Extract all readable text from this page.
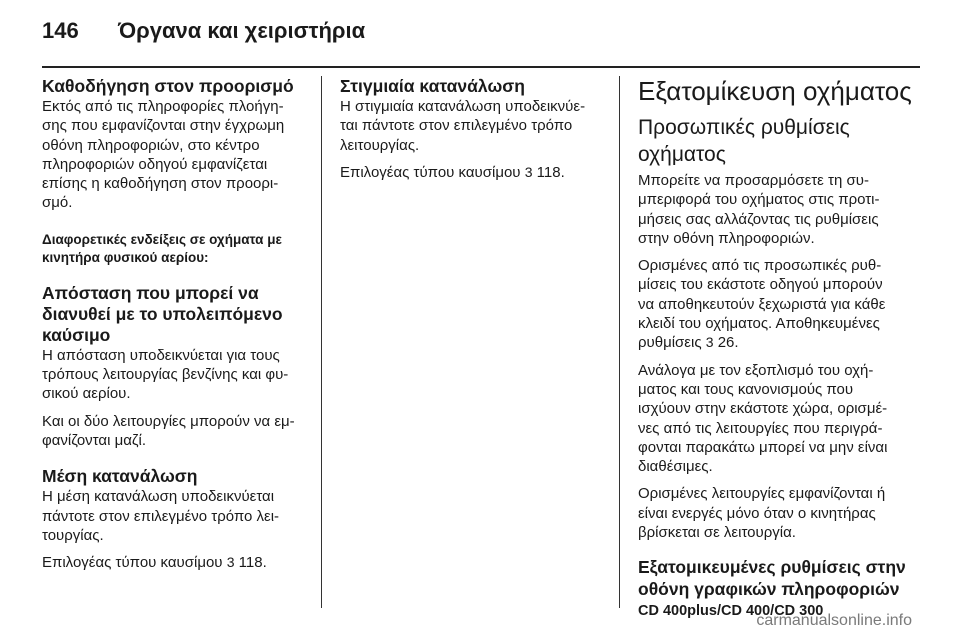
146 Όργανα και χειριστήρια
Καθοδήγηση στον προορισμό
Εκτός από τις πληροφορίες πλοήγη-
σης που εμφανίζονται στην έγχρωμη
οθόνη πληροφοριών, στο κέντρο
πληροφοριών οδηγού εμφανίζεται
επίσης η καθοδήγηση στον προορι-
σμό.
Διαφορετικές ενδείξεις σε οχήματα με
κινητήρα φυσικού αερίου:
Απόσταση που μπορεί να
διανυθεί με το υπολειπόμενο
καύσιμο
Η απόσταση υποδεικνύεται για τους
τρόπους λειτουργίας βενζίνης και φυ-
σικού αερίου.
Και οι δύο λειτουργίες μπορούν να εμ-
φανίζονται μαζί.
Μέση κατανάλωση
Η μέση κατανάλωση υποδεικνύεται
πάντοτε στον επιλεγμένο τρόπο λει-
τουργίας.
Επιλογέας τύπου καυσίμου 3 118.
Στιγμιαία κατανάλωση
Η στιγμιαία κατανάλωση υποδεικνύε-
ται πάντοτε στον επιλεγμένο τρόπο
λειτουργίας.
Επιλογέας τύπου καυσίμου 3 118.
Εξατομίκευση οχήματος
Προσωπικές ρυθμίσεις
οχήματος
Μπορείτε να προσαρμόσετε τη συ-
μπεριφορά του οχήματος στις προτι-
μήσεις σας αλλάζοντας τις ρυθμίσεις
στην οθόνη πληροφοριών.
Ορισμένες από τις προσωπικές ρυθ-
μίσεις του εκάστοτε οδηγού μπορούν
να αποθηκευτούν ξεχωριστά για κάθε
κλειδί του οχήματος. Αποθηκευμένες
ρυθμίσεις 3 26.
Ανάλογα με τον εξοπλισμό του οχή-
ματος και τους κανονισμούς που
ισχύουν στην εκάστοτε χώρα, ορισμέ-
νες από τις λειτουργίες που περιγρά-
φονται παρακάτω μπορεί να μην είναι
διαθέσιμες.
Ορισμένες λειτουργίες εμφανίζονται ή
είναι ενεργές μόνο όταν ο κινητήρας
βρίσκεται σε λειτουργία.
Εξατομικευμένες ρυθμίσεις στην
οθόνη γραφικών πληροφοριών
CD 400plus/CD 400/CD 300
carmanualsonline.info
